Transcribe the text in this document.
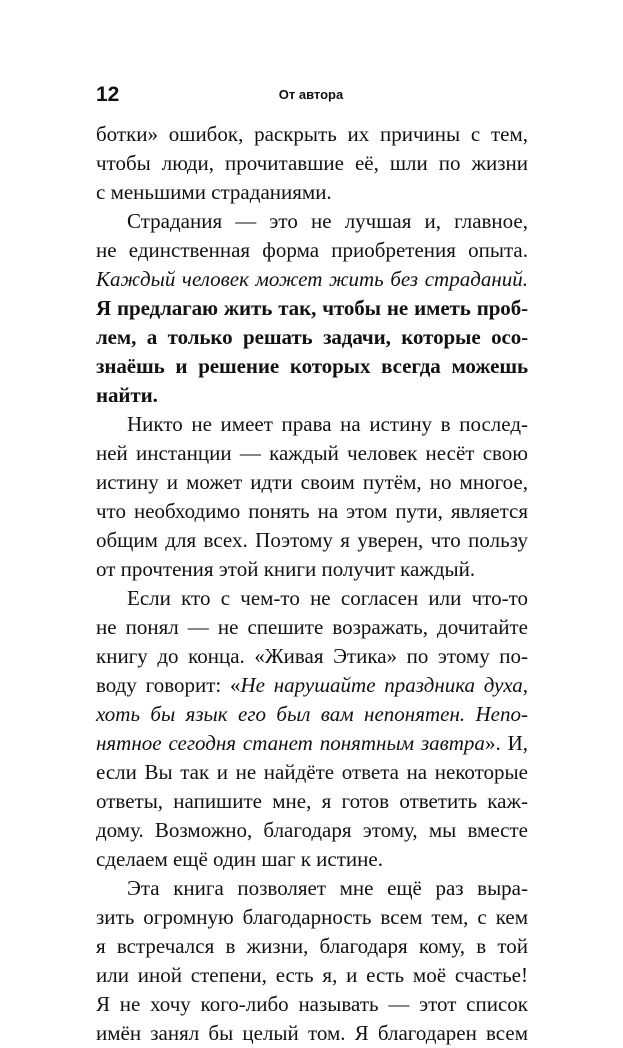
12	От автора
ботки» ошибок, раскрыть их причины с тем,
чтобы люди, прочитавшие её, шли по жизни
с меньшими страданиями.
Страдания — это не лучшая и, главное,
не единственная форма приобретения опыта.
Каждый человек может жить без страданий.
Я предлагаю жить так, чтобы не иметь проб-
лем, а только решать задачи, которые осо-
знаёшь и решение которых всегда можешь
найти.
Никто не имеет права на истину в послед-
ней инстанции — каждый человек несёт свою
истину и может идти своим путём, но многое,
что необходимо понять на этом пути, является
общим для всех. Поэтому я уверен, что пользу
от прочтения этой книги получит каждый.
Если кто с чем-то не согласен или что-то
не понял — не спешите возражать, дочитайте
книгу до конца. «Живая Этика» по этому по-
воду говорит: «Не нарушайте праздника духа,
хоть бы язык его был вам непонятен. Непо-
нятное сегодня станет понятным завтра». И,
если Вы так и не найдёте ответа на некоторые
ответы, напишите мне, я готов ответить каж-
дому. Возможно, благодаря этому, мы вместе
сделаем ещё один шаг к истине.
Эта книга позволяет мне ещё раз выра-
зить огромную благодарность всем тем, с кем
я встречался в жизни, благодаря кому, в той
или иной степени, есть я, и есть моё счастье!
Я не хочу кого-либо называть — этот список
имён занял бы целый том. Я благодарен всем
